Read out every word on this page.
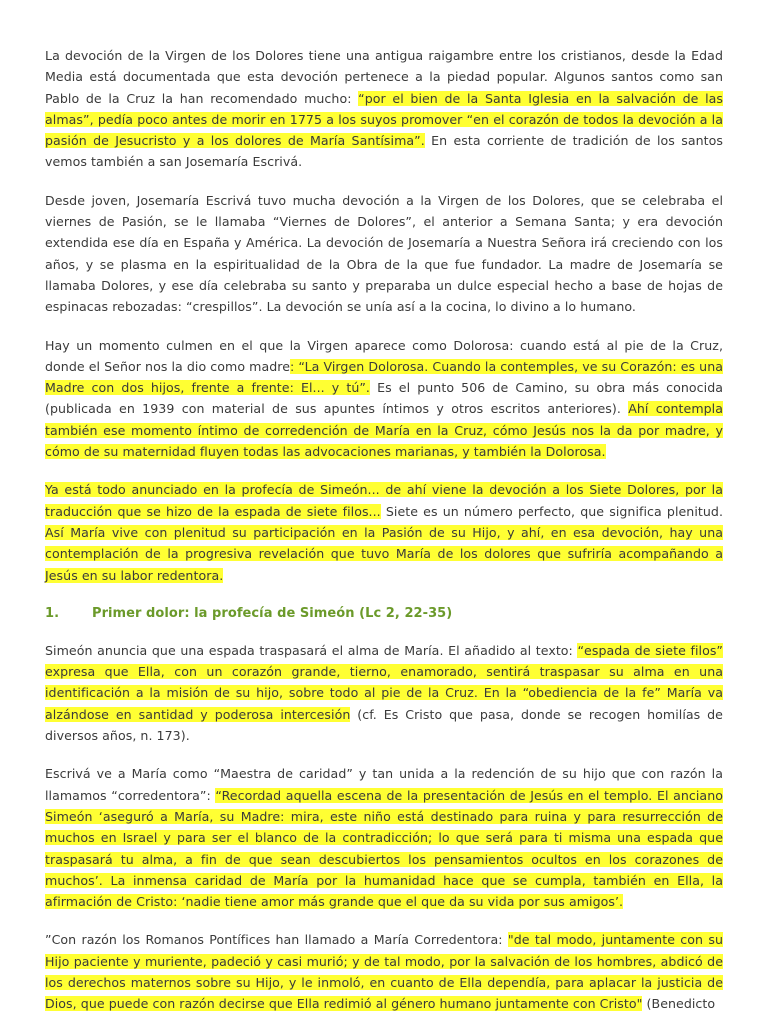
La devoción de la Virgen de los Dolores tiene una antigua raigambre entre los cristianos, desde la Edad Media está documentada que esta devoción pertenece a la piedad popular. Algunos santos como san Pablo de la Cruz la han recomendado mucho: “por el bien de la Santa Iglesia en la salvación de las almas”, pedía poco antes de morir en 1775 a los suyos promover “en el corazón de todos la devoción a la pasión de Jesucristo y a los dolores de María Santísima”. En esta corriente de tradición de los santos vemos también a san Josemaría Escrivá.

Desde joven, Josemaría Escrivá tuvo mucha devoción a la Virgen de los Dolores, que se celebraba el viernes de Pasión, se le llamaba “Viernes de Dolores”, el anterior a Semana Santa; y era devoción extendida ese día en España y América. La devoción de Josemaría a Nuestra Señora irá creciendo con los años, y se plasma en la espiritualidad de la Obra de la que fue fundador. La madre de Josemaría se llamaba Dolores, y ese día celebraba su santo y preparaba un dulce especial hecho a base de hojas de espinacas rebozadas: “crespillos”. La devoción se unía así a la cocina, lo divino a lo humano.

Hay un momento culmen en el que la Virgen aparece como Dolorosa: cuando está al pie de la Cruz, donde el Señor nos la dio como madre: “La Virgen Dolorosa. Cuando la contemples, ve su Corazón: es una Madre con dos hijos, frente a frente: El... y tú”. Es el punto 506 de Camino, su obra más conocida (publicada en 1939 con material de sus apuntes íntimos y otros escritos anteriores). Ahí contempla también ese momento íntimo de corredención de María en la Cruz, cómo Jesús nos la da por madre, y cómo de su maternidad fluyen todas las advocaciones marianas, y también la Dolorosa.

Ya está todo anunciado en la profecía de Simeón... de ahí viene la devoción a los Siete Dolores, por la traducción que se hizo de la espada de siete filos... Siete es un número perfecto, que significa plenitud. Así María vive con plenitud su participación en la Pasión de su Hijo, y ahí, en esa devoción, hay una contemplación de la progresiva revelación que tuvo María de los dolores que sufriría acompañando a Jesús en su labor redentora.

1.	Primer dolor: la profecía de Simeón (Lc 2, 22-35)

Simeón anuncia que una espada traspasará el alma de María. El añadido al texto: “espada de siete filos” expresa que Ella, con un corazón grande, tierno, enamorado, sentirá traspasar su alma en una identificación a la misión de su hijo, sobre todo al pie de la Cruz. En la “obediencia de la fe” María va alzándose en santidad y poderosa intercesión (cf. Es Cristo que pasa, donde se recogen homilías de diversos años, n. 173).

Escrivá ve a María como “Maestra de caridad” y tan unida a la redención de su hijo que con razón la llamamos “corredentora”: “Recordad aquella escena de la presentación de Jesús en el templo. El anciano Simeón ‘aseguró a María, su Madre: mira, este niño está destinado para ruina y para resurrección de muchos en Israel y para ser el blanco de la contradicción; lo que será para ti misma una espada que traspasará tu alma, a fin de que sean descubiertos los pensamientos ocultos en los corazones de muchos’. La inmensa caridad de María por la humanidad hace que se cumpla, también en Ella, la afirmación de Cristo: ‘nadie tiene amor más grande que el que da su vida por sus amigos’.

”Con razón los Romanos Pontífices han llamado a María Corredentora: "de tal modo, juntamente con su Hijo paciente y muriente, padeció y casi murió; y de tal modo, por la salvación de los hombres, abdicó de los derechos maternos sobre su Hijo, y le inmoló, en cuanto de Ella dependía, para aplacar la justicia de Dios, que puede con razón decirse que Ella redimió al género humano juntamente con Cristo" (Benedicto
